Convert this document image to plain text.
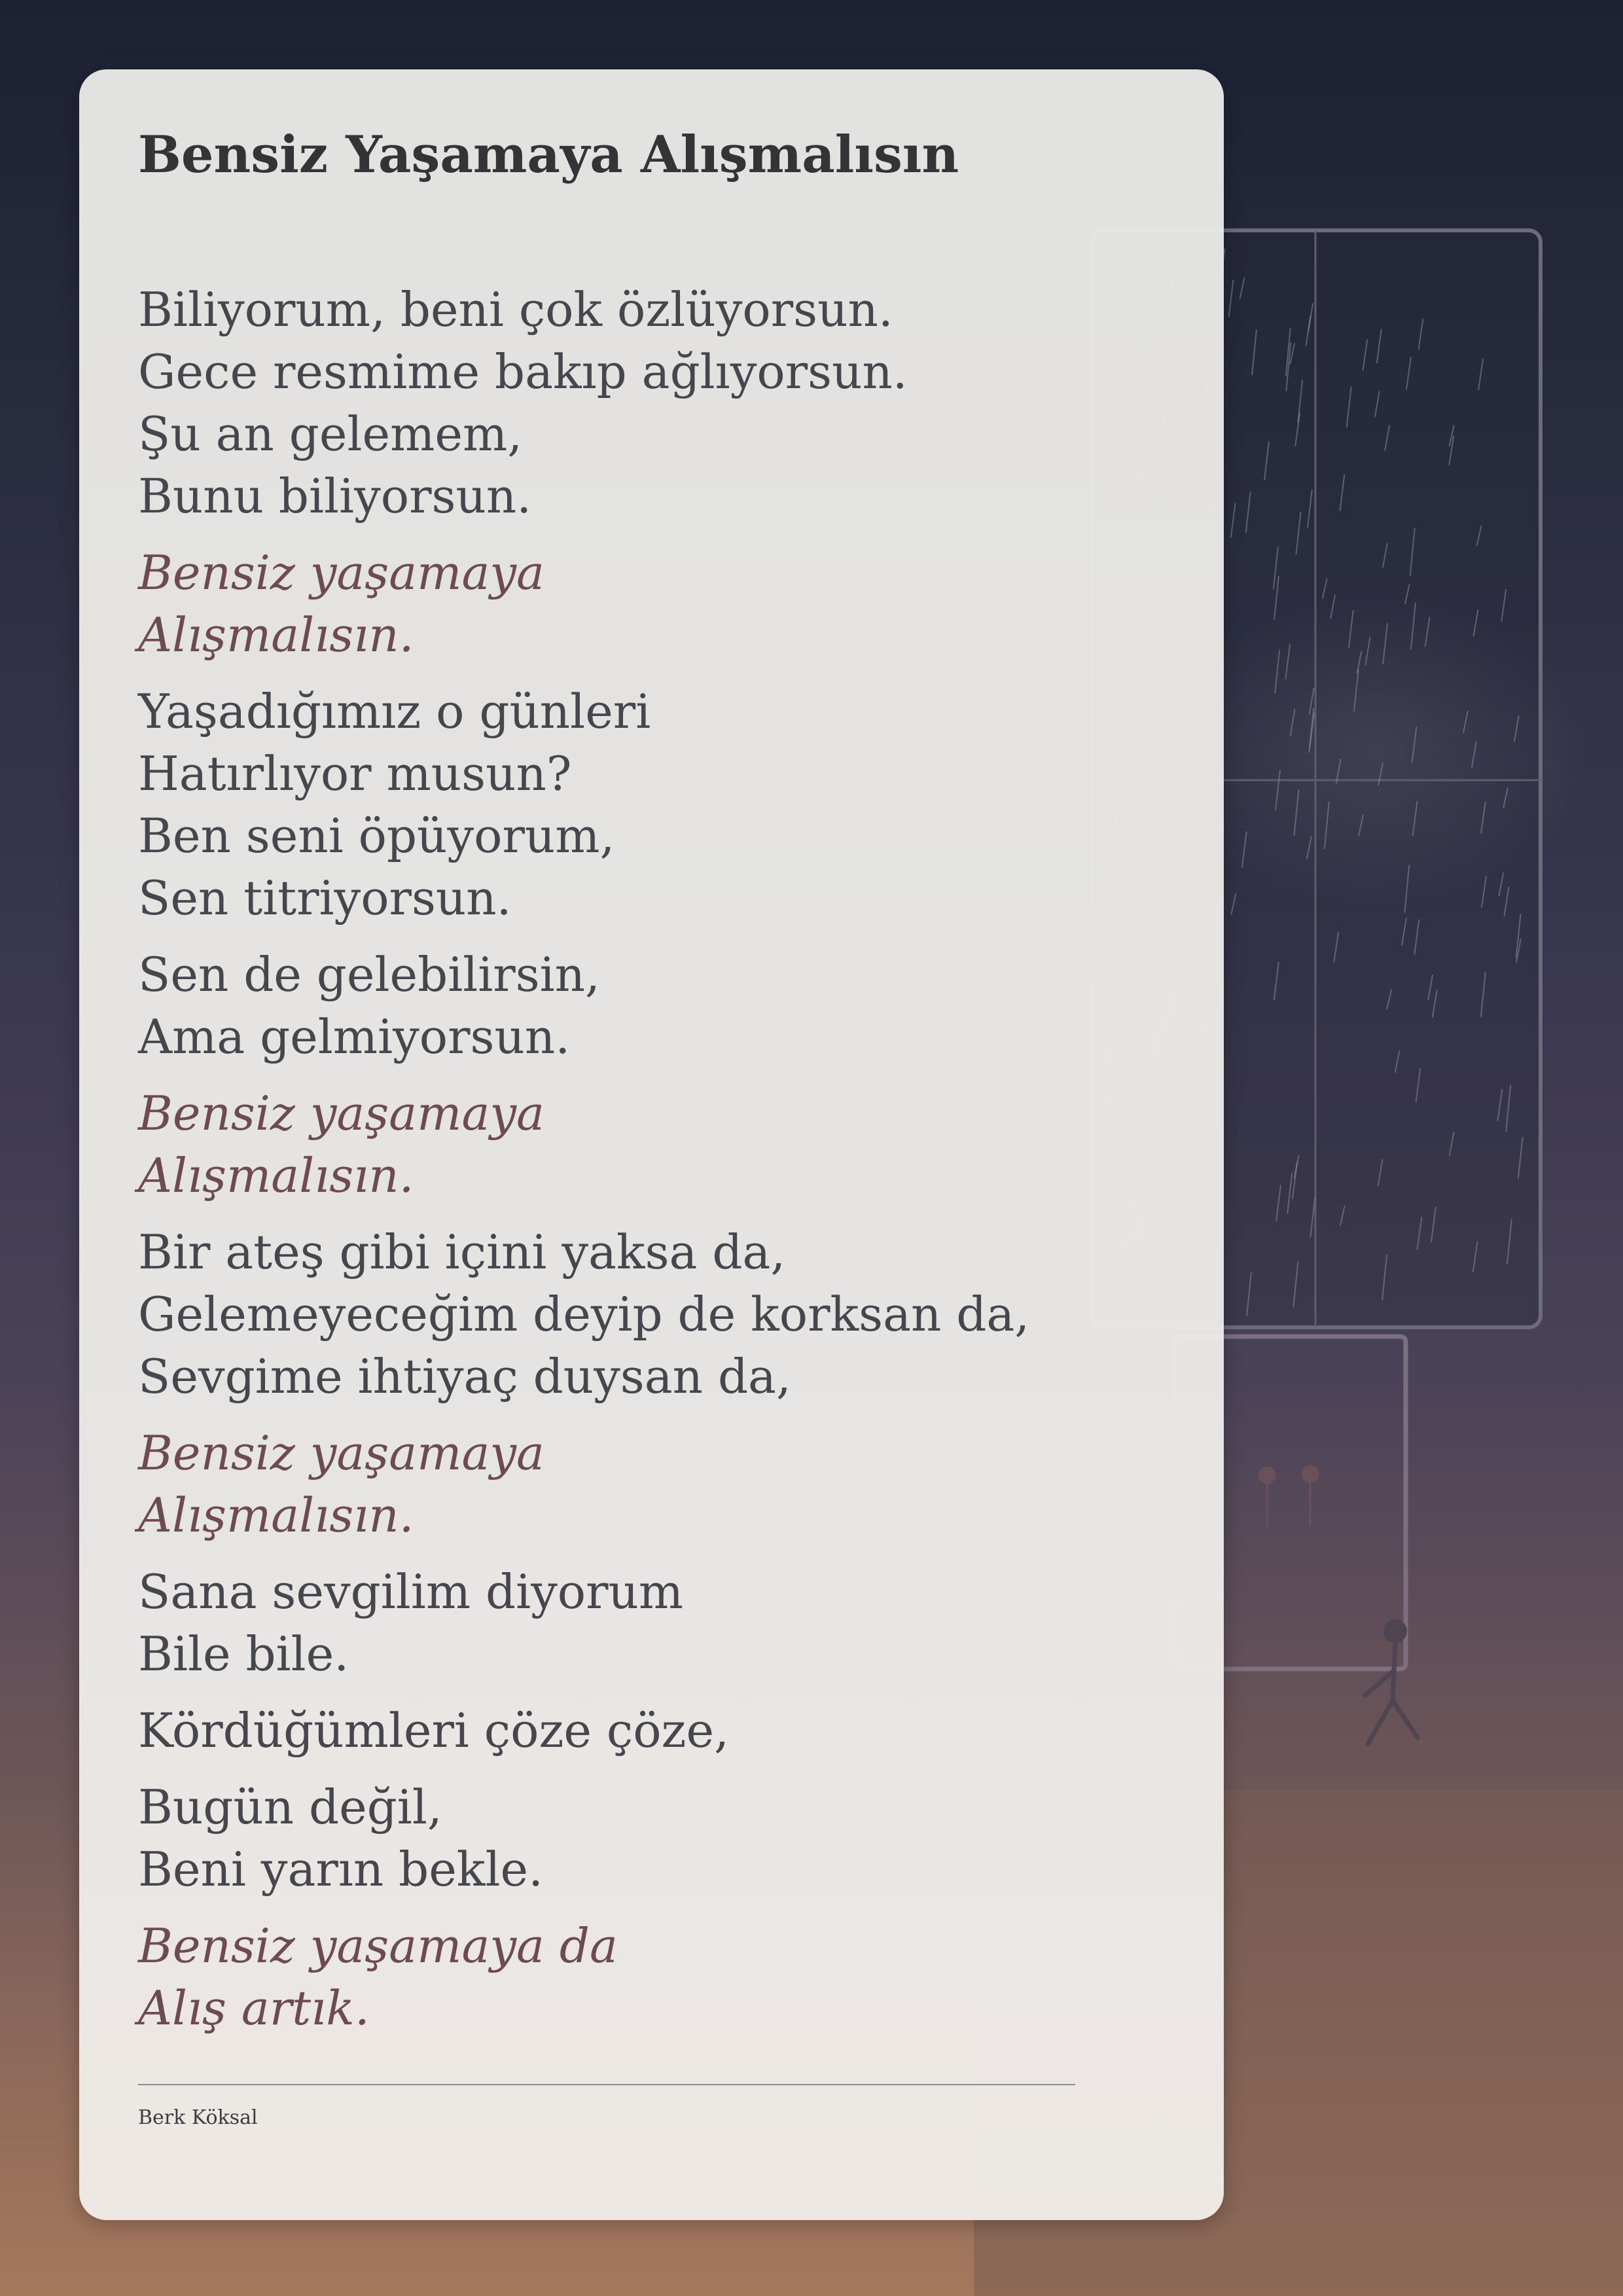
Bensiz Yaşamaya Alışmalısın
Biliyorum, beni çok özlüyorsun.
Gece resmime bakıp ağlıyorsun.
Şu an gelemem,
Bunu biliyorsun.
Bensiz yaşamaya
Alışmalısın.
Yaşadığımız o günleri
Hatırlıyor musun?
Ben seni öpüyorum,
Sen titriyorsun.
Sen de gelebilirsin,
Ama gelmiyorsun.
Bensiz yaşamaya
Alışmalısın.
Bir ateş gibi içini yaksa da,
Gelemeyeceğim deyip de korksan da,
Sevgime ihtiyaç duysan da,
Bensiz yaşamaya
Alışmalısın.
Sana sevgilim diyorum
Bile bile.
Kördüğümleri çöze çöze,
Bugün değil,
Beni yarın bekle.
Bensiz yaşamaya da
Alış artık.
Berk Köksal
